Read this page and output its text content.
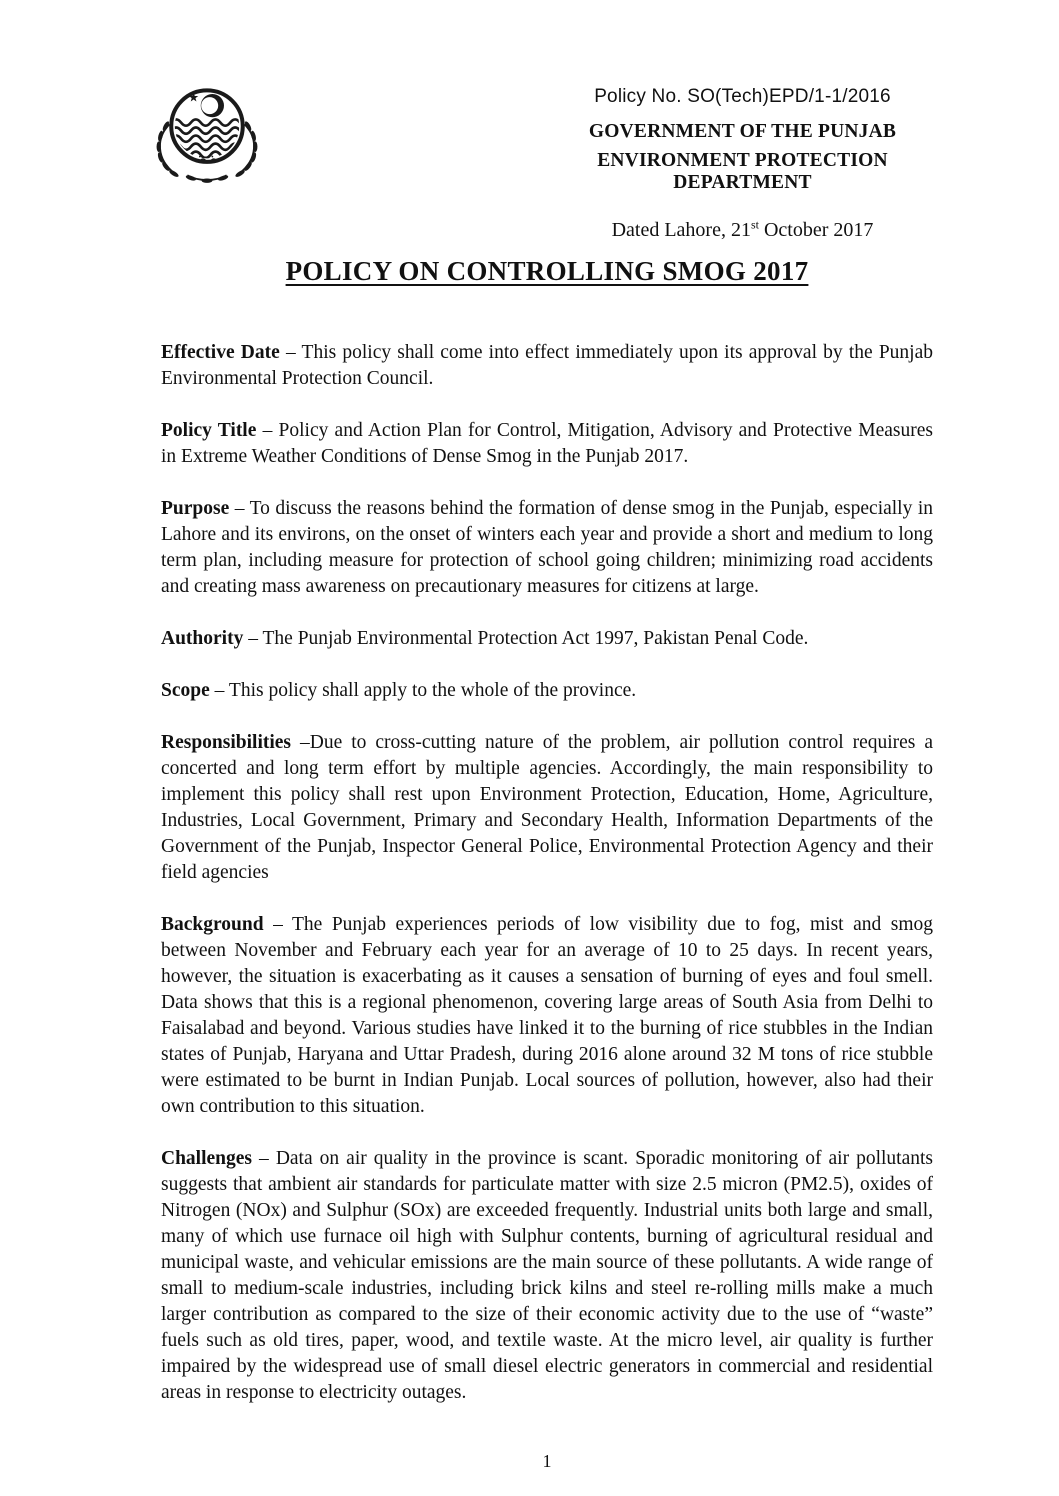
Policy No. SO(Tech)EPD/1-1/2016
GOVERNMENT OF THE PUNJAB
ENVIRONMENT PROTECTION DEPARTMENT
Dated Lahore, 21st October 2017
POLICY ON CONTROLLING SMOG 2017

Effective Date – This policy shall come into effect immediately upon its approval by the Punjab Environmental Protection Council.

Policy Title – Policy and Action Plan for Control, Mitigation, Advisory and Protective Measures in Extreme Weather Conditions of Dense Smog in the Punjab 2017.

Purpose – To discuss the reasons behind the formation of dense smog in the Punjab, especially in Lahore and its environs, on the onset of winters each year and provide a short and medium to long term plan, including measure for protection of school going children; minimizing road accidents and creating mass awareness on precautionary measures for citizens at large.

Authority – The Punjab Environmental Protection Act 1997, Pakistan Penal Code.

Scope – This policy shall apply to the whole of the province.

Responsibilities –Due to cross-cutting nature of the problem, air pollution control requires a concerted and long term effort by multiple agencies. Accordingly, the main responsibility to implement this policy shall rest upon Environment Protection, Education, Home, Agriculture, Industries, Local Government, Primary and Secondary Health, Information Departments of the Government of the Punjab, Inspector General Police, Environmental Protection Agency and their field agencies

Background – The Punjab experiences periods of low visibility due to fog, mist and smog between November and February each year for an average of 10 to 25 days. In recent years, however, the situation is exacerbating as it causes a sensation of burning of eyes and foul smell. Data shows that this is a regional phenomenon, covering large areas of South Asia from Delhi to Faisalabad and beyond. Various studies have linked it to the burning of rice stubbles in the Indian states of Punjab, Haryana and Uttar Pradesh, during 2016 alone around 32 M tons of rice stubble were estimated to be burnt in Indian Punjab. Local sources of pollution, however, also had their own contribution to this situation.

Challenges – Data on air quality in the province is scant. Sporadic monitoring of air pollutants suggests that ambient air standards for particulate matter with size 2.5 micron (PM2.5), oxides of Nitrogen (NOx) and Sulphur (SOx) are exceeded frequently. Industrial units both large and small, many of which use furnace oil high with Sulphur contents, burning of agricultural residual and municipal waste, and vehicular emissions are the main source of these pollutants. A wide range of small to medium-scale industries, including brick kilns and steel re-rolling mills make a much larger contribution as compared to the size of their economic activity due to the use of “waste” fuels such as old tires, paper, wood, and textile waste. At the micro level, air quality is further impaired by the widespread use of small diesel electric generators in commercial and residential areas in response to electricity outages.

1
